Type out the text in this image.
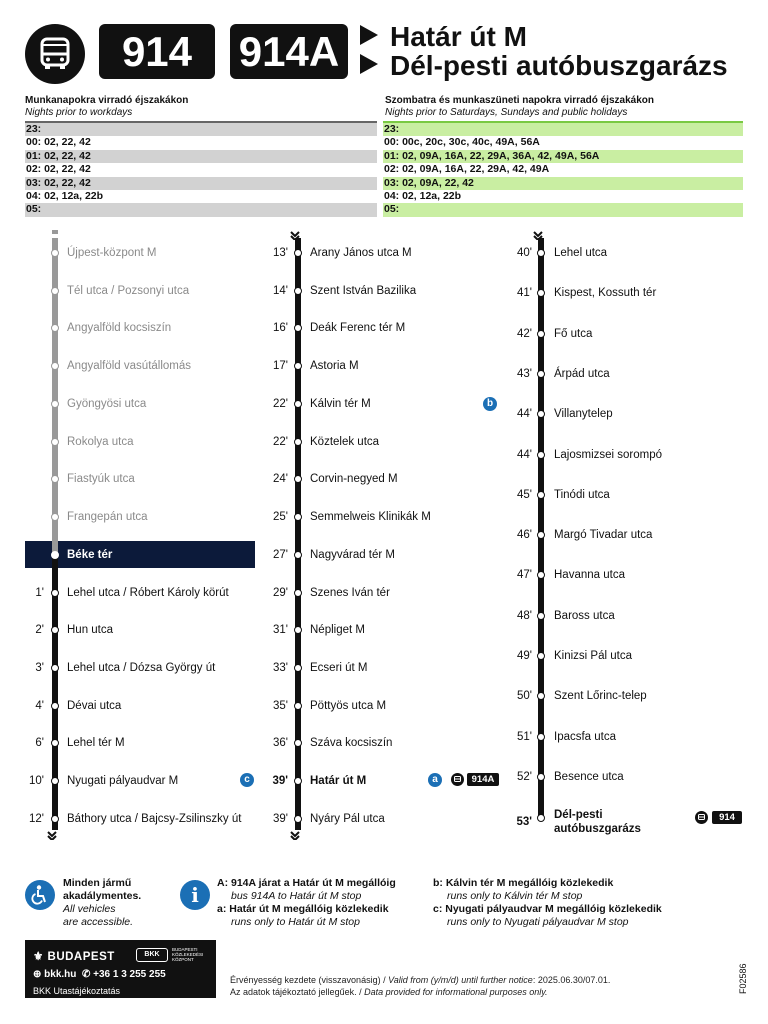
914	914A	Határ út M
Dél-pesti autóbuszgarázs
Munkanapokra virradó éjszakákon
Nights prior to workdays
Szombatra és munkaszüneti napokra virradó éjszakákon
Nights prior to Saturdays, Sundays and public holidays
23:
00: 02, 22, 42
01: 02, 22, 42
02: 02, 22, 42
03: 02, 22, 42
04: 02, 12a, 22b
05:
23:
00: 00c, 20c, 30c, 40c, 49A, 56A
01: 02, 09A, 16A, 22, 29A, 36A, 42, 49A, 56A
02: 02, 09A, 16A, 22, 29A, 42, 49A
03: 02, 09A, 22, 42
04: 02, 12a, 22b
05:
Újpest-központ M
Tél utca / Pozsonyi utca
Angyalföld kocsiszín
Angyalföld vasútállomás
Gyöngyösi utca
Rokolya utca
Fiastyúk utca
Frangepán utca
Béke tér
Lehel utca / Róbert Károly körút
1'
Hun utca
2'
Lehel utca / Dózsa György út
3'
Dévai utca
4'
Lehel tér M
6'
Nyugati pályaudvar M
10'
Báthory utca / Bajcsy-Zsilinszky út
12'
Arany János utca M
13'
Szent István Bazilika
14'
Deák Ferenc tér M
16'
Astoria M
17'
Kálvin tér M
22'
Köztelek utca
22'
Corvin-negyed M
24'
Semmelweis Klinikák M
25'
Nagyvárad tér M
27'
Szenes Iván tér
29'
Népliget M
31'
Ecseri út M
33'
Pöttyös utca M
35'
Száva kocsiszín
36'
Határ út M
39'
Nyáry Pál utca
39'
Lehel utca
40'
Kispest, Kossuth tér
41'
Fő utca
42'
Árpád utca
43'
Villanytelep
44'
Lajosmizsei sorompó
44'
Tinódi utca
45'
Margó Tivadar utca
46'
Havanna utca
47'
Baross utca
48'
Kinizsi Pál utca
49'
Szent Lőrinc-telep
50'
Ipacsfa utca
51'
Besence utca
52'
Dél-pesti
autóbuszgarázs
53'
c
b
a	914A
914
Minden jármű
akadálymentes.
All vehicles
are accessible.
i	A: 914A járat a Határ út M megállóig
bus 914A to Határ út M stop
a: Határ út M megállóig közlekedik
runs only to Határ út M stop
b: Kálvin tér M megállóig közlekedik
runs only to Kálvin tér M stop
c: Nyugati pályaudvar M megállóig közlekedik
runs only to Nyugati pályaudvar M stop
⚜ BUDAPEST	BKK
BUDAPESTI KÖZLEKEDÉSI KÖZPONT
⊕ bkk.hu ✆ +36 1 3 255 255
BKK Utastájékoztatás
Érvényesség kezdete (visszavonásig) / Valid from (y/m/d) until further notice: 2025.06.30/07.01.
Az adatok tájékoztató jellegűek. / Data provided for informational purposes only.	F02586
